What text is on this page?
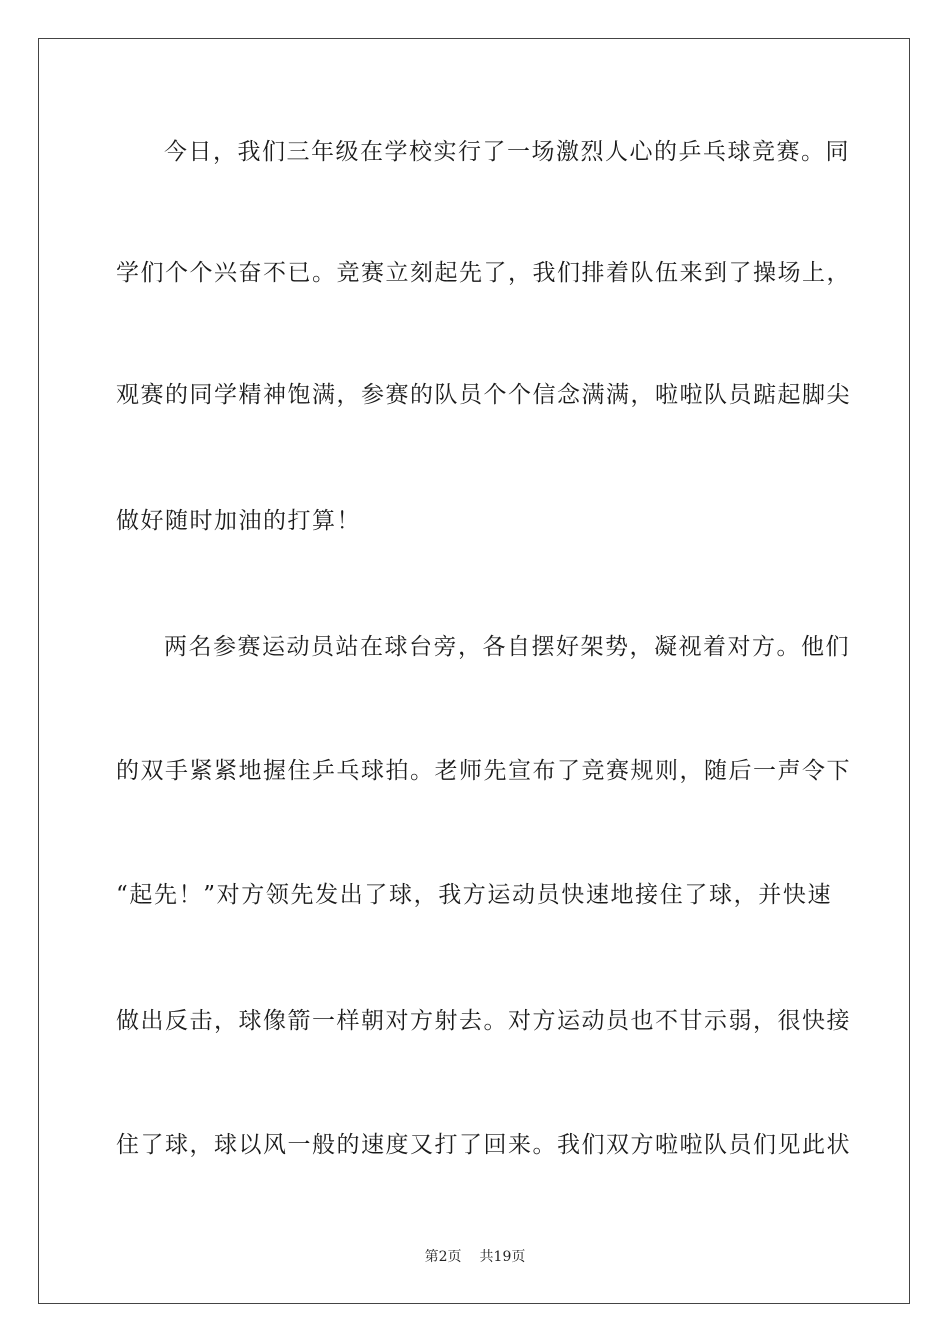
今日，我们三年级在学校实行了一场激烈人心的乒乓球竞赛。同
学们个个兴奋不已。竞赛立刻起先了，我们排着队伍来到了操场上，
观赛的同学精神饱满，参赛的队员个个信念满满，啦啦队员踮起脚尖
做好随时加油的打算！
两名参赛运动员站在球台旁，各自摆好架势，凝视着对方。他们
的双手紧紧地握住乒乓球拍。老师先宣布了竞赛规则，随后一声令下
“起先！”对方领先发出了球，我方运动员快速地接住了球，并快速
做出反击，球像箭一样朝对方射去。对方运动员也不甘示弱，很快接
住了球，球以风一般的速度又打了回来。我们双方啦啦队员们见此状
第2页 共19页
